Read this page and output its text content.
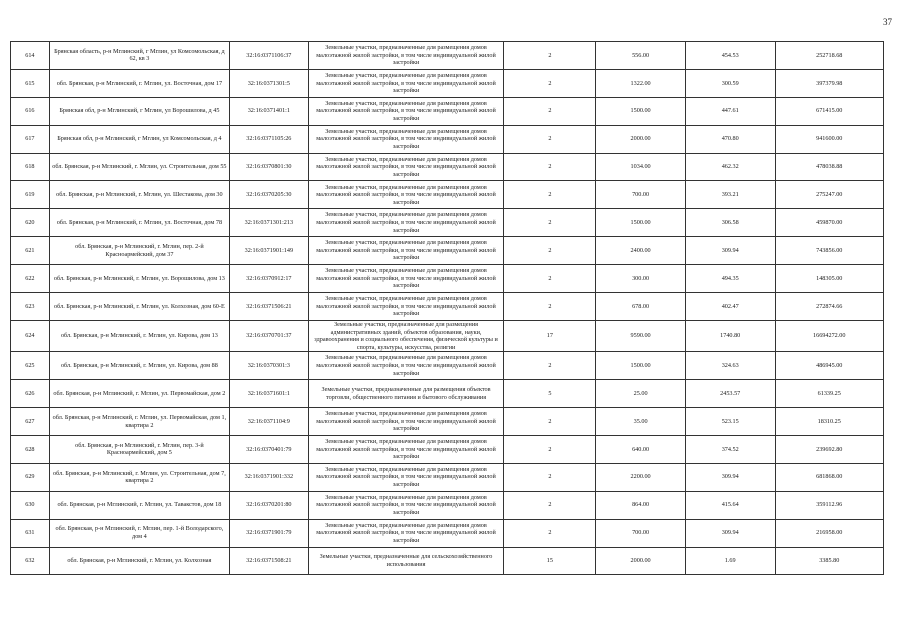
37
614	Брянская область, р-н Мглинский, г Мглин, ул Комсомольская, д 62, кв 3	32:16:0371106:37	Земельные участки, предназначенные для размещения домов малоэтажной жилой застройки, в том числе индивидуальной жилой застройки	2	556.00	454.53	252718.68
615	обл. Брянская, р-н Мглинский, г. Мглин, ул. Восточная, дом 17	32:16:0371301:5	Земельные участки, предназначенные для размещения домов малоэтажной жилой застройки, в том числе индивидуальной жилой застройки	2	1322.00	300.59	397379.98
616	Брянская обл, р-н Мглинский, г Мглин, ул Ворошилова, д 45	32:16:0371401:1	Земельные участки, предназначенные для размещения домов малоэтажной жилой застройки, в том числе индивидуальной жилой застройки	2	1500.00	447.61	671415.00
617	Брянская обл, р-н Мглинский, г Мглин, ул Комсомольская, д 4	32:16:0371105:26	Земельные участки, предназначенные для размещения домов малоэтажной жилой застройки, в том числе индивидуальной жилой застройки	2	2000.00	470.80	941600.00
618	обл. Брянская, р-н Мглинский, г. Мглин, ул. Строительная, дом 55	32:16:0370801:30	Земельные участки, предназначенные для размещения домов малоэтажной жилой застройки, в том числе индивидуальной жилой застройки	2	1034.00	462.32	478038.88
619	обл. Брянская, р-н Мглинский, г. Мглин, ул. Шестакова, дом 30	32:16:0370205:30	Земельные участки, предназначенные для размещения домов малоэтажной жилой застройки, в том числе индивидуальной жилой застройки	2	700.00	393.21	275247.00
620	обл. Брянская, р-н Мглинский, г. Мглин, ул. Восточная, дом 78	32:16:0371301:213	Земельные участки, предназначенные для размещения домов малоэтажной жилой застройки, в том числе индивидуальной жилой застройки	2	1500.00	306.58	459870.00
621	обл. Брянская, р-н Мглинский, г. Мглин, пер. 2-й Красноармейский, дом 37	32:16:0371901:149	Земельные участки, предназначенные для размещения домов малоэтажной жилой застройки, в том числе индивидуальной жилой застройки	2	2400.00	309.94	743856.00
622	обл. Брянская, р-н Мглинский, г. Мглин, ул. Ворошилова, дом 13	32:16:0370912:17	Земельные участки, предназначенные для размещения домов малоэтажной жилой застройки, в том числе индивидуальной жилой застройки	2	300.00	494.35	148305.00
623	обл. Брянская, р-н Мглинский, г. Мглин, ул. Колхозная, дом 60-Е	32:16:0371506:21	Земельные участки, предназначенные для размещения домов малоэтажной жилой застройки, в том числе индивидуальной жилой застройки	2	678.00	402.47	272874.66
624	обл. Брянская, р-н Мглинский, г. Мглин, ул. Кирова, дом 13	32:16:0370701:37	Земельные участки, предназначенные для размещения административных зданий, объектов образования, науки, здравоохранения и социального обеспечения, физической культуры и спорта, культуры, искусства, религии	17	9590.00	1740.80	16694272.00
625	обл. Брянская, р-н Мглинский, г. Мглин, ул. Кирова, дом 88	32:16:0370301:3	Земельные участки, предназначенные для размещения домов малоэтажной жилой застройки, в том числе индивидуальной жилой застройки	2	1500.00	324.63	486945.00
626	обл. Брянская, р-н Мглинский, г. Мглин, ул. Первомайская, дом 2	32:16:0371601:1	Земельные участки, предназначенные для размещения объектов торговли, общественного питания и бытового обслуживания	5	25.00	2453.57	61339.25
627	обл. Брянская, р-н Мглинский, г. Мглин, ул. Первомайская, дом 1, квартира 2	32:16:0371104:9	Земельные участки, предназначенные для размещения домов малоэтажной жилой застройки, в том числе индивидуальной жилой застройки	2	35.00	523.15	18310.25
628	обл. Брянская, р-н Мглинский, г. Мглин, пер. 3-й Красноармейский, дом 5	32:16:0370401:79	Земельные участки, предназначенные для размещения домов малоэтажной жилой застройки, в том числе индивидуальной жилой застройки	2	640.00	374.52	239692.80
629	обл. Брянская, р-н Мглинский, г. Мглин, ул. Строительная, дом 7, квартира 2	32:16:0371901:332	Земельные участки, предназначенные для размещения домов малоэтажной жилой застройки, в том числе индивидуальной жилой застройки	2	2200.00	309.94	681868.00
630	обл. Брянская, р-н Мглинский, г. Мглин, ул. Тавакстов, дом 18	32:16:0370201:80	Земельные участки, предназначенные для размещения домов малоэтажной жилой застройки, в том числе индивидуальной жилой застройки	2	864.00	415.64	359112.96
631	обл. Брянская, р-н Мглинский, г. Мглин, пер. 1-й Володарского, дом 4	32:16:0371901:79	Земельные участки, предназначенные для размещения домов малоэтажной жилой застройки, в том числе индивидуальной жилой застройки	2	700.00	309.94	216958.00
632	обл. Брянская, р-н Мглинский, г. Мглин, ул. Колхозная	32:16:0371508:21	Земельные участки, предназначенные для сельскохозяйственного использования	15	2000.00	1.69	3385.80
